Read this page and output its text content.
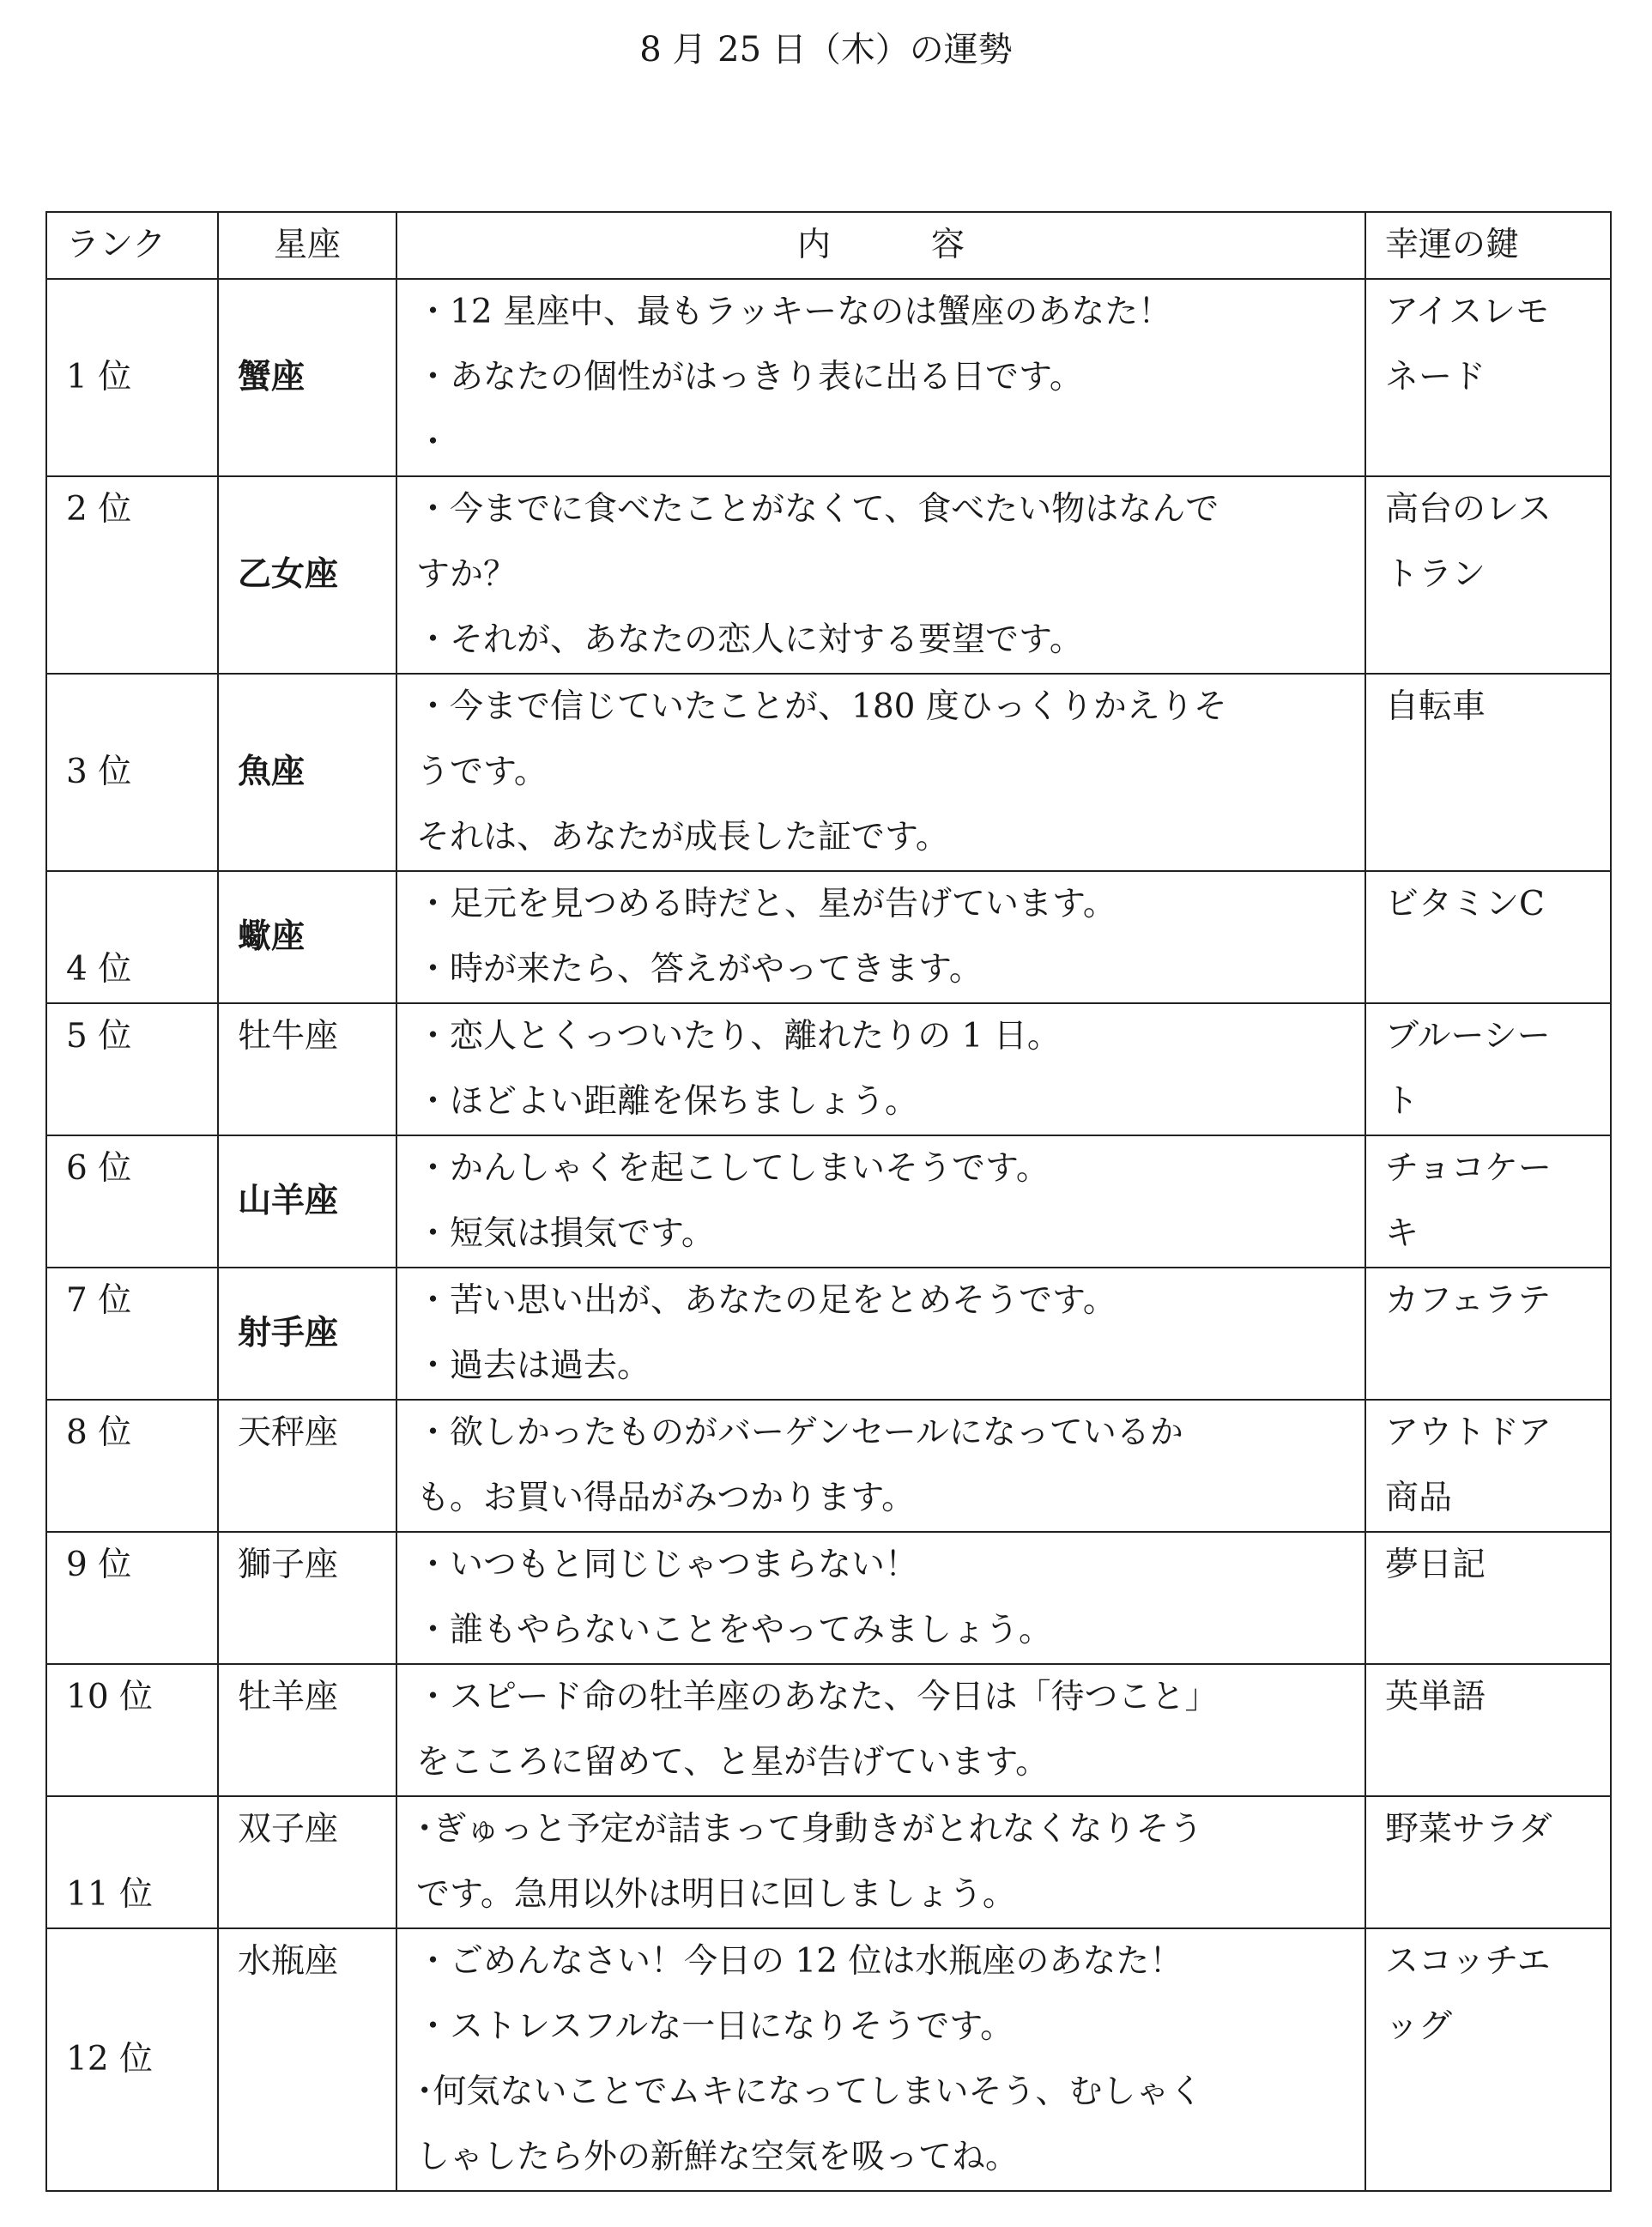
8 月 25 日（木）の運勢
ランク	星座	内　　　容	幸運の鍵
1 位	蟹座	・12 星座中、最もラッキーなのは蟹座のあなた！
・あなたの個性がはっきり表に出る日です。
・	アイスレモ
ネード

2 位	乙女座	・今までに食べたことがなくて、食べたい物はなんで
すか？
・それが、あなたの恋人に対する要望です。	高台のレス
トラン

3 位	魚座	・今まで信じていたことが、180 度ひっくりかえりそ
うです。
それは、あなたが成長した証です。	自転車

4 位	蠍座	・足元を見つめる時だと、星が告げています。
・時が来たら、答えがやってきます。	ビタミンC

5 位	牡牛座	・恋人とくっついたり、離れたりの 1 日。
・ほどよい距離を保ちましょう。	ブルーシー
ト

6 位	山羊座	・かんしゃくを起こしてしまいそうです。
・短気は損気です。	チョコケー
キ

7 位	射手座	・苦い思い出が、あなたの足をとめそうです。
・過去は過去。	カフェラテ

8 位	天秤座	・欲しかったものがバーゲンセールになっているか
も。お買い得品がみつかります。	アウトドア
商品

9 位	獅子座	・いつもと同じじゃつまらない！
・誰もやらないことをやってみましょう。	夢日記

10 位	牡羊座	・スピード命の牡羊座のあなた、今日は「待つこと」
をこころに留めて、と星が告げています。	英単語

11 位	双子座	･ぎゅっと予定が詰まって身動きがとれなくなりそう
です。急用以外は明日に回しましょう。	野菜サラダ

12 位	水瓶座	・ごめんなさい！今日の 12 位は水瓶座のあなた！
・ストレスフルな一日になりそうです。
･何気ないことでムキになってしまいそう、むしゃく
しゃしたら外の新鮮な空気を吸ってね。	スコッチエ
ッグ
